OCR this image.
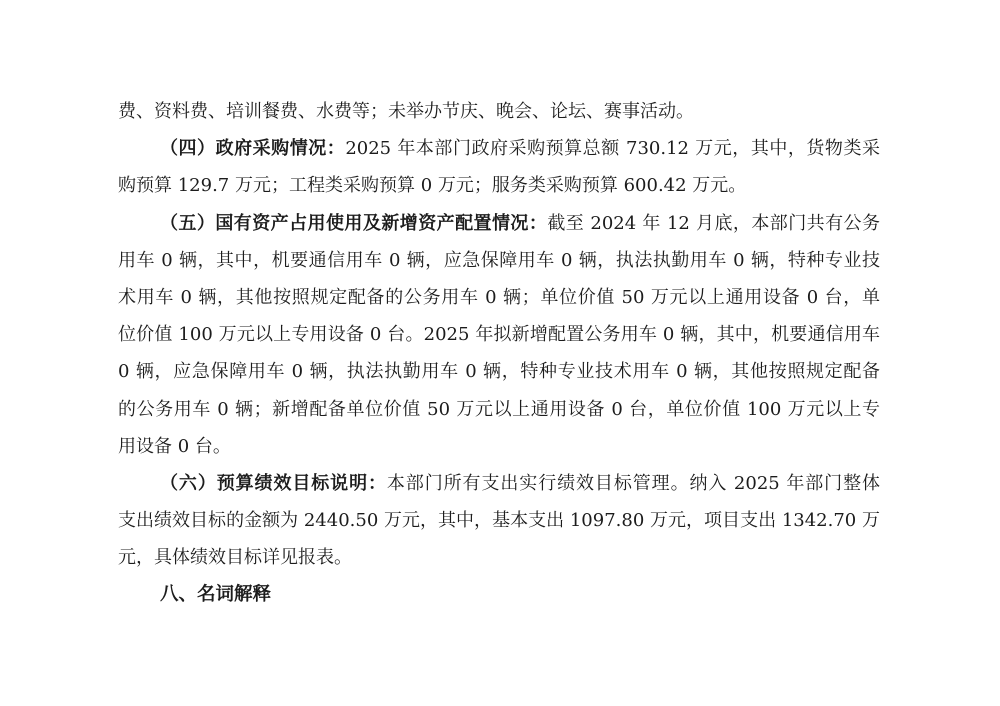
费、资料费、培训餐费、水费等；未举办节庆、晚会、论坛、赛事活动。
（四）政府采购情况：2025 年本部门政府采购预算总额 730.12 万元，其中，货物类采
购预算 129.7 万元；工程类采购预算 0 万元；服务类采购预算 600.42 万元。
（五）国有资产占用使用及新增资产配置情况：截至 2024 年 12 月底，本部门共有公务
用车 0 辆，其中，机要通信用车 0 辆，应急保障用车 0 辆，执法执勤用车 0 辆，特种专业技
术用车 0 辆，其他按照规定配备的公务用车 0 辆；单位价值 50 万元以上通用设备 0 台，单
位价值 100 万元以上专用设备 0 台。2025 年拟新增配置公务用车 0 辆，其中，机要通信用车
0 辆，应急保障用车 0 辆，执法执勤用车 0 辆，特种专业技术用车 0 辆，其他按照规定配备
的公务用车 0 辆；新增配备单位价值 50 万元以上通用设备 0 台，单位价值 100 万元以上专
用设备 0 台。
（六）预算绩效目标说明：本部门所有支出实行绩效目标管理。纳入 2025 年部门整体
支出绩效目标的金额为 2440.50 万元，其中，基本支出 1097.80 万元，项目支出 1342.70 万
元，具体绩效目标详见报表。
八、名词解释
